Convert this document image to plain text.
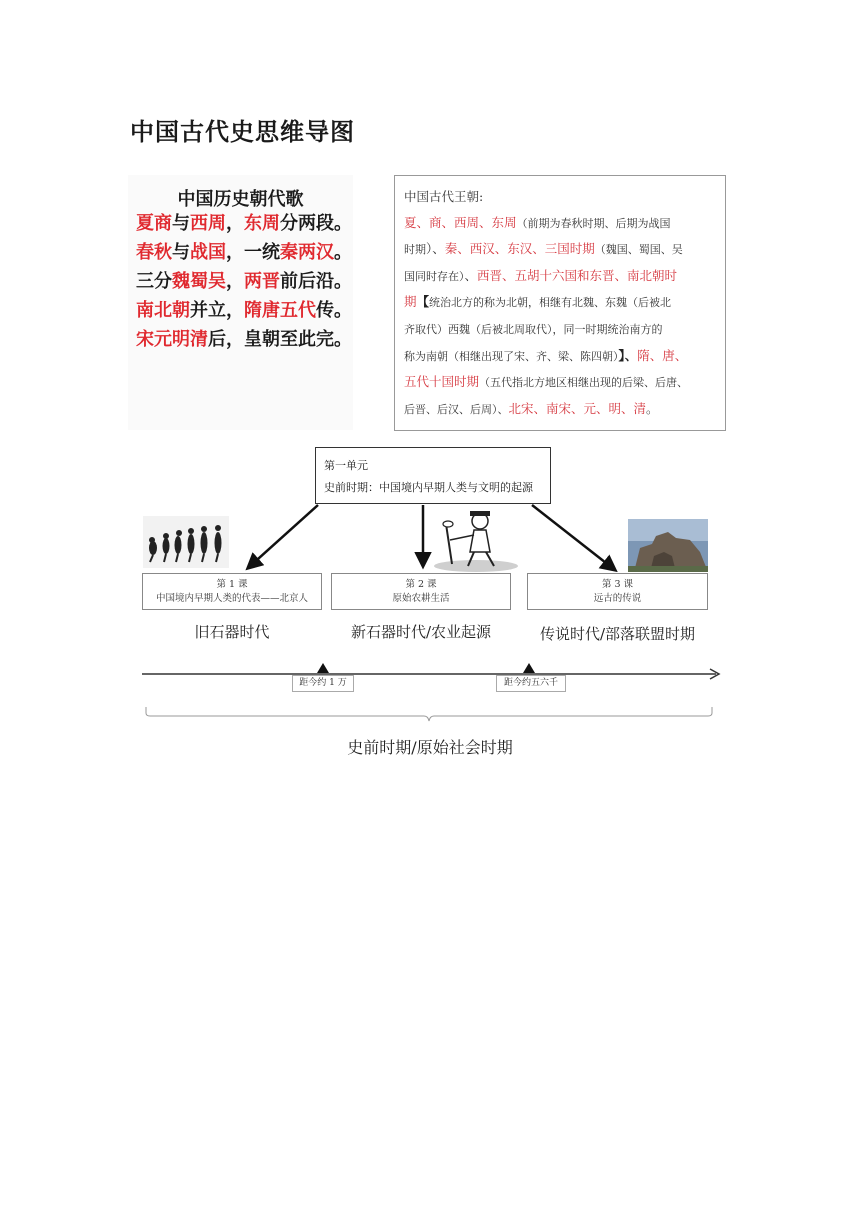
中国古代史思维导图
中国历史朝代歌
夏商与西周，东周分两段。
春秋与战国，一统秦两汉。
三分魏蜀吴，两晋前后沿。
南北朝并立，隋唐五代传。
宋元明清后，皇朝至此完。
中国古代王朝:
夏、商、西周、东周（前期为春秋时期、后期为战国
时期）、秦、西汉、东汉、三国时期（魏国、蜀国、吴
国同时存在）、西晋、五胡十六国和东晋、南北朝时
期【统治北方的称为北朝，相继有北魏、东魏（后被北
齐取代）西魏（后被北周取代），同一时期统治南方的
称为南朝（相继出现了宋、齐、梁、陈四朝）】、隋、唐、
五代十国时期（五代指北方地区相继出现的后梁、后唐、
后晋、后汉、后周）、北宋、南宋、元、明、清。
第一单元
史前时期：中国境内早期人类与文明的起源
第 1 课
中国境内早期人类的代表——北京人
第 2 课
原始农耕生活
第 3 课
远古的传说
旧石器时代	新石器时代/农业起源	传说时代/部落联盟时期
距今约 1 万	距今约五六千
史前时期/原始社会时期
